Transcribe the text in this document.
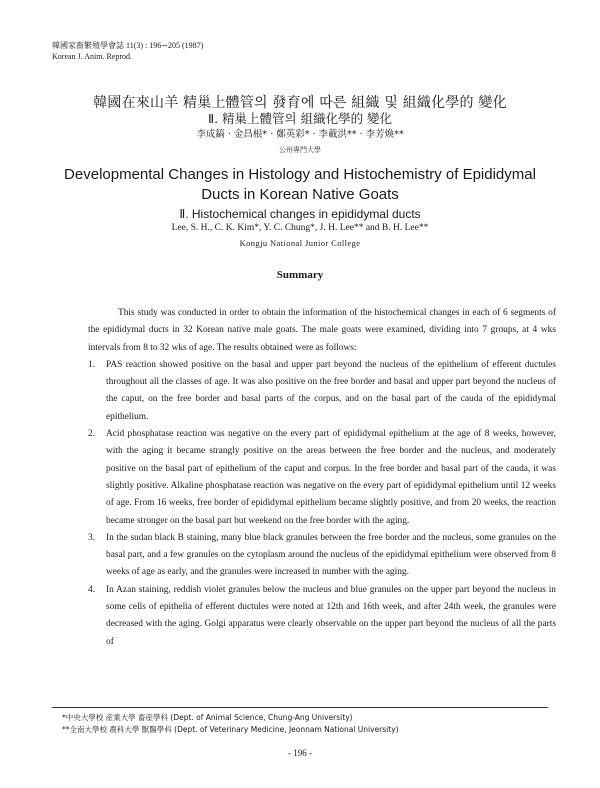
韓國家畜繁殖學會誌 11(3) : 196∼205 (1987)
Korean J. Anim. Reprod.
韓國在來山羊 精巢上體管의 發育에 따른 組織 및 組織化學的 變化
Ⅱ. 精巢上體管의 組織化學的 變化
李成鎬 · 金昌根* · 鄭英彩* · 李載洪** · 李芳煥**
公州專門大學
Developmental Changes in Histology and Histochemistry of Epididymal
Ducts in Korean Native Goats
Ⅱ. Histochemical changes in epididymal ducts
Lee, S. H., C. K. Kim*, Y. C. Chung*, J. H. Lee** and B. H. Lee**
Kongju National Junior College
Summary

This study was conducted in order to obtain the information of the histochemical changes in each of 6 segments of the epididymal ducts in 32 Korean native male goats. The male goats were examined, dividing into 7 groups, at 4 wks intervals from 8 to 32 wks of age. The results obtained were as follows:

1. PAS reaction showed positive on the basal and upper part beyond the nucleus of the epithelium of efferent ductules throughout all the classes of age. It was also positive on the free border and basal and upper part beyond the nucleus of the caput, on the free border and basal parts of the corpus, and on the basal part of the cauda of the epididymal epithelium.
2. Acid phosphatase reaction was negative on the every part of epididymal epithelium at the age of 8 weeks, however, with the aging it became strangly positive on the areas between the free border and the nucleus, and moderately positive on the basal part of epithelium of the caput and corpus. In the free border and basal part of the cauda, it was slightly positive. Alkaline phosphatase reaction was negative on the every part of epididymal epithelium until 12 weeks of age. From 16 weeks, free border of epididymal epithelium became slightly positive, and from 20 weeks, the reaction became stronger on the basal part but weekend on the free border with the aging.
3. In the sudan black B staining, many blue black granules between the free border and the nucleus, some granules on the basal part, and a few granules on the cytoplasm around the nucleus of the epididymal epithelium were observed from 8 weeks of age as early, and the granules were increased in number with the aging.
4. In Azan staining, reddish violet granules below the nucleus and blue granules on the upper part beyond the nucleus in some cells of epithelia of efferent ductules were noted at 12th and 16th week, and after 24th week, the granules were decreased with the aging. Golgi apparatus were clearly observable on the upper part beyond the nucleus of all the parts of
*中央大學校 産業大學 畜産學科 (Dept. of Animal Science, Chung-Ang University)
**全南大學校 農科大學 獸醫學科 (Dept. of Veterinary Medicine, Jeonnam National University)
- 196 -
